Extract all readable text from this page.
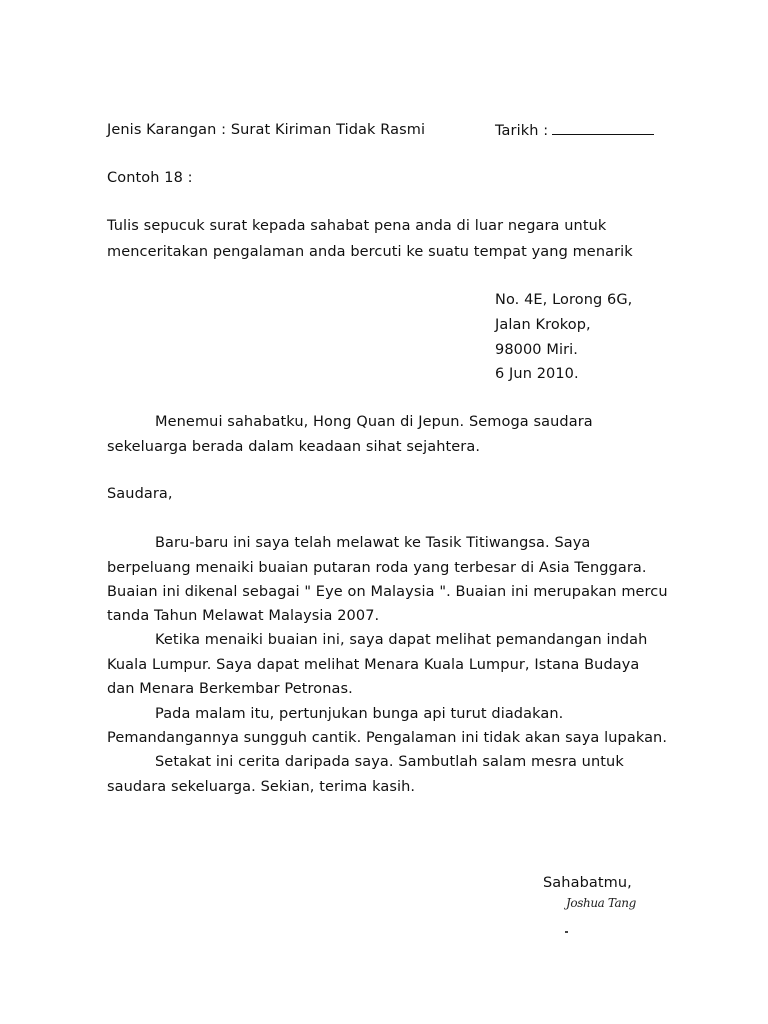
Jenis Karangan : Surat Kiriman Tidak Rasmi	Tarikh :
Contoh 18 :
Tulis sepucuk surat kepada sahabat pena anda di luar negara untuk
menceritakan pengalaman anda bercuti ke suatu tempat yang menarik
No. 4E, Lorong 6G,
Jalan Krokop,
98000 Miri.
6 Jun 2010.
Menemui sahabatku, Hong Quan di Jepun. Semoga saudara
sekeluarga berada dalam keadaan sihat sejahtera.
Saudara,
Baru-baru ini saya telah melawat ke Tasik Titiwangsa. Saya
berpeluang menaiki buaian putaran roda yang terbesar di Asia Tenggara.
Buaian ini dikenal sebagai " Eye on Malaysia ". Buaian ini merupakan mercu
tanda Tahun Melawat Malaysia 2007.
Ketika menaiki buaian ini, saya dapat melihat pemandangan indah
Kuala Lumpur. Saya dapat melihat Menara Kuala Lumpur, Istana Budaya
dan Menara Berkembar Petronas.
Pada malam itu, pertunjukan bunga api turut diadakan.
Pemandangannya sungguh cantik. Pengalaman ini tidak akan saya lupakan.
Setakat ini cerita daripada saya. Sambutlah salam mesra untuk
saudara sekeluarga. Sekian, terima kasih.
Sahabatmu,
Joshua Tang
